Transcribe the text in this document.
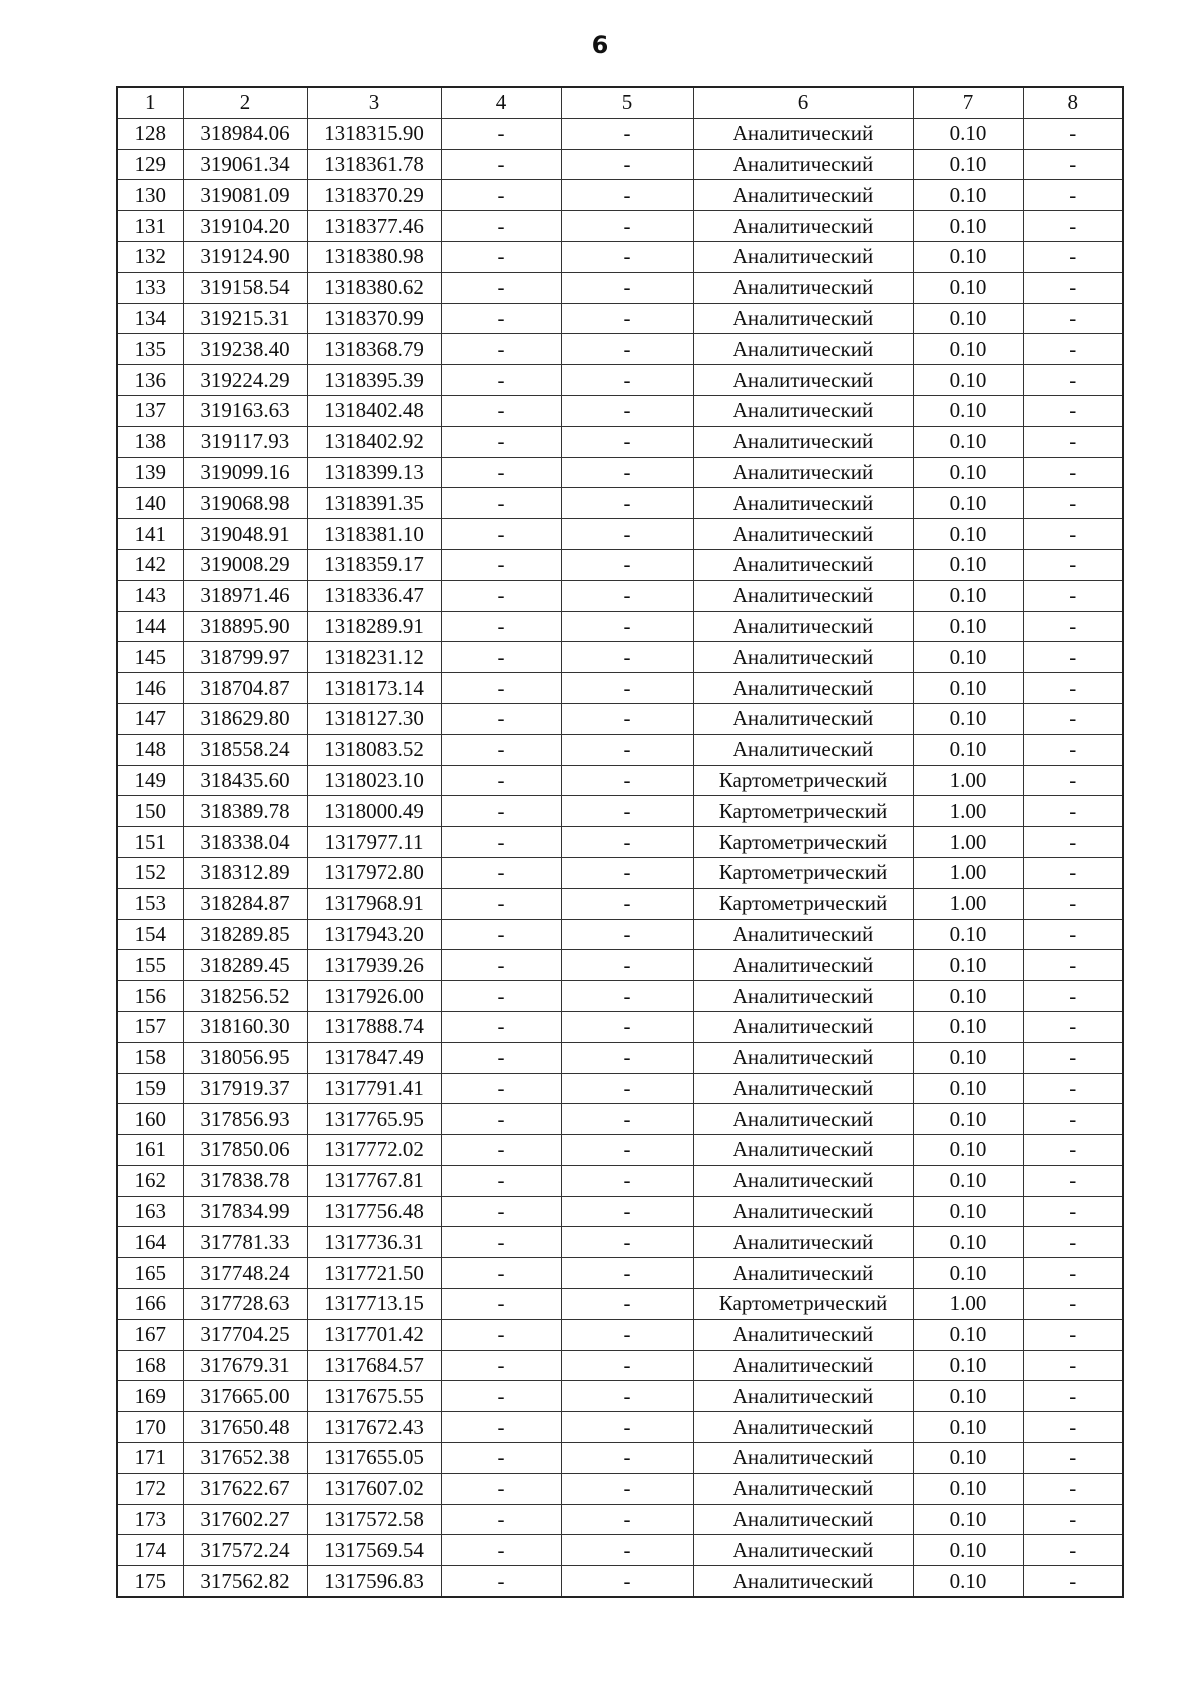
6
1	2	3	4	5	6	7	8
128	318984.06	1318315.90	-	-	Аналитический	0.10	-
129	319061.34	1318361.78	-	-	Аналитический	0.10	-
130	319081.09	1318370.29	-	-	Аналитический	0.10	-
131	319104.20	1318377.46	-	-	Аналитический	0.10	-
132	319124.90	1318380.98	-	-	Аналитический	0.10	-
133	319158.54	1318380.62	-	-	Аналитический	0.10	-
134	319215.31	1318370.99	-	-	Аналитический	0.10	-
135	319238.40	1318368.79	-	-	Аналитический	0.10	-
136	319224.29	1318395.39	-	-	Аналитический	0.10	-
137	319163.63	1318402.48	-	-	Аналитический	0.10	-
138	319117.93	1318402.92	-	-	Аналитический	0.10	-
139	319099.16	1318399.13	-	-	Аналитический	0.10	-
140	319068.98	1318391.35	-	-	Аналитический	0.10	-
141	319048.91	1318381.10	-	-	Аналитический	0.10	-
142	319008.29	1318359.17	-	-	Аналитический	0.10	-
143	318971.46	1318336.47	-	-	Аналитический	0.10	-
144	318895.90	1318289.91	-	-	Аналитический	0.10	-
145	318799.97	1318231.12	-	-	Аналитический	0.10	-
146	318704.87	1318173.14	-	-	Аналитический	0.10	-
147	318629.80	1318127.30	-	-	Аналитический	0.10	-
148	318558.24	1318083.52	-	-	Аналитический	0.10	-
149	318435.60	1318023.10	-	-	Картометрический	1.00	-
150	318389.78	1318000.49	-	-	Картометрический	1.00	-
151	318338.04	1317977.11	-	-	Картометрический	1.00	-
152	318312.89	1317972.80	-	-	Картометрический	1.00	-
153	318284.87	1317968.91	-	-	Картометрический	1.00	-
154	318289.85	1317943.20	-	-	Аналитический	0.10	-
155	318289.45	1317939.26	-	-	Аналитический	0.10	-
156	318256.52	1317926.00	-	-	Аналитический	0.10	-
157	318160.30	1317888.74	-	-	Аналитический	0.10	-
158	318056.95	1317847.49	-	-	Аналитический	0.10	-
159	317919.37	1317791.41	-	-	Аналитический	0.10	-
160	317856.93	1317765.95	-	-	Аналитический	0.10	-
161	317850.06	1317772.02	-	-	Аналитический	0.10	-
162	317838.78	1317767.81	-	-	Аналитический	0.10	-
163	317834.99	1317756.48	-	-	Аналитический	0.10	-
164	317781.33	1317736.31	-	-	Аналитический	0.10	-
165	317748.24	1317721.50	-	-	Аналитический	0.10	-
166	317728.63	1317713.15	-	-	Картометрический	1.00	-
167	317704.25	1317701.42	-	-	Аналитический	0.10	-
168	317679.31	1317684.57	-	-	Аналитический	0.10	-
169	317665.00	1317675.55	-	-	Аналитический	0.10	-
170	317650.48	1317672.43	-	-	Аналитический	0.10	-
171	317652.38	1317655.05	-	-	Аналитический	0.10	-
172	317622.67	1317607.02	-	-	Аналитический	0.10	-
173	317602.27	1317572.58	-	-	Аналитический	0.10	-
174	317572.24	1317569.54	-	-	Аналитический	0.10	-
175	317562.82	1317596.83	-	-	Аналитический	0.10	-
